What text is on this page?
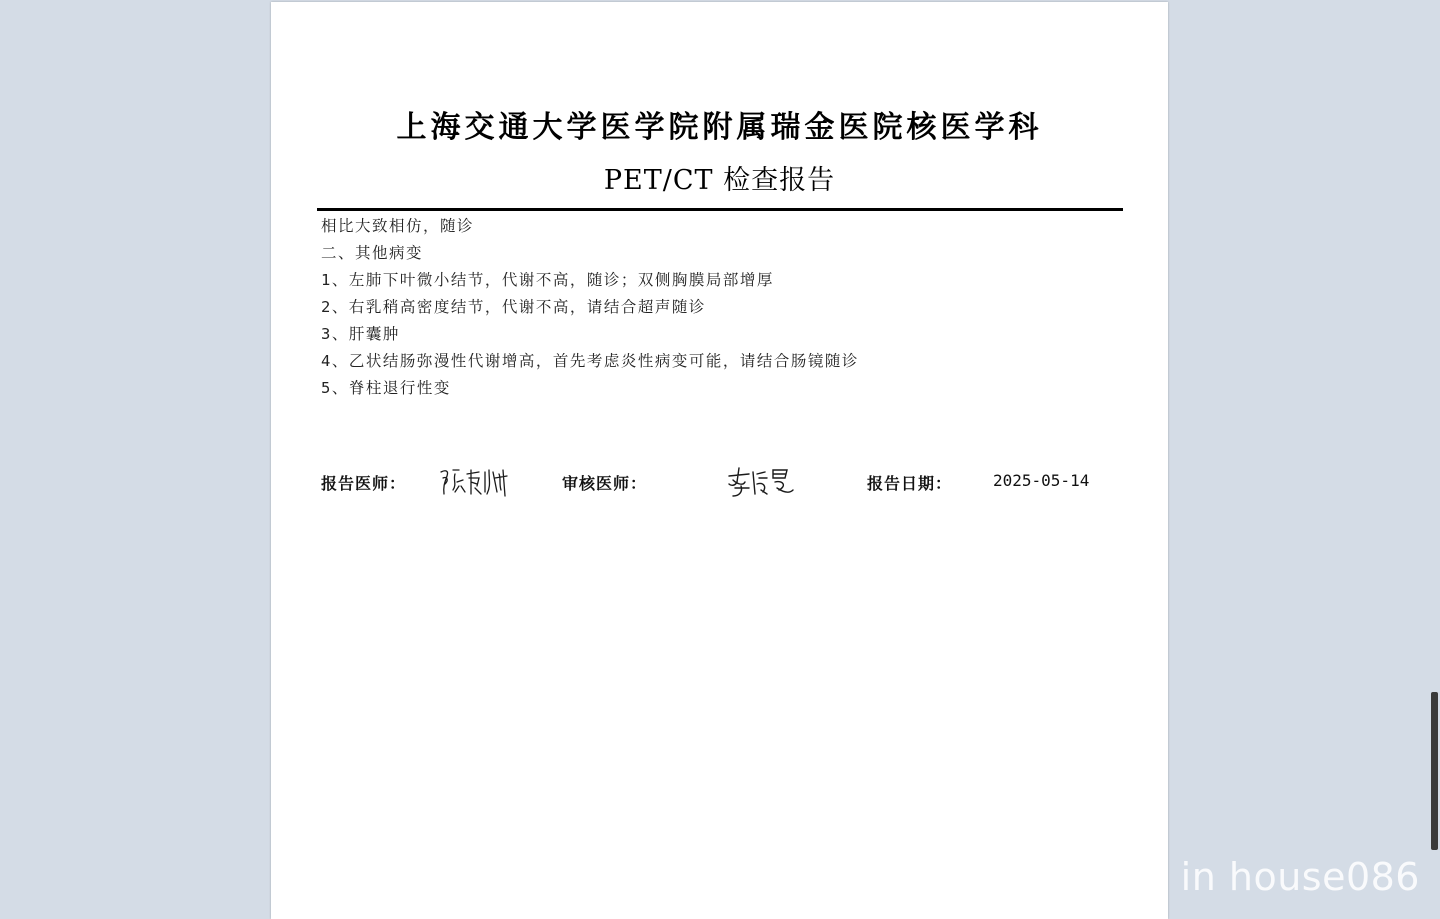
上海交通大学医学院附属瑞金医院核医学科
PET/CT 检查报告
相比大致相仿，随诊
二、其他病变
1、左肺下叶微小结节，代谢不高，随诊；双侧胸膜局部增厚
2、右乳稍高密度结节，代谢不高，请结合超声随诊
3、肝囊肿
4、乙状结肠弥漫性代谢增高，首先考虑炎性病变可能，请结合肠镜随诊
5、脊柱退行性变
报告医师：	审核医师：	报告日期：	2025-05-14
小红书 in house086
